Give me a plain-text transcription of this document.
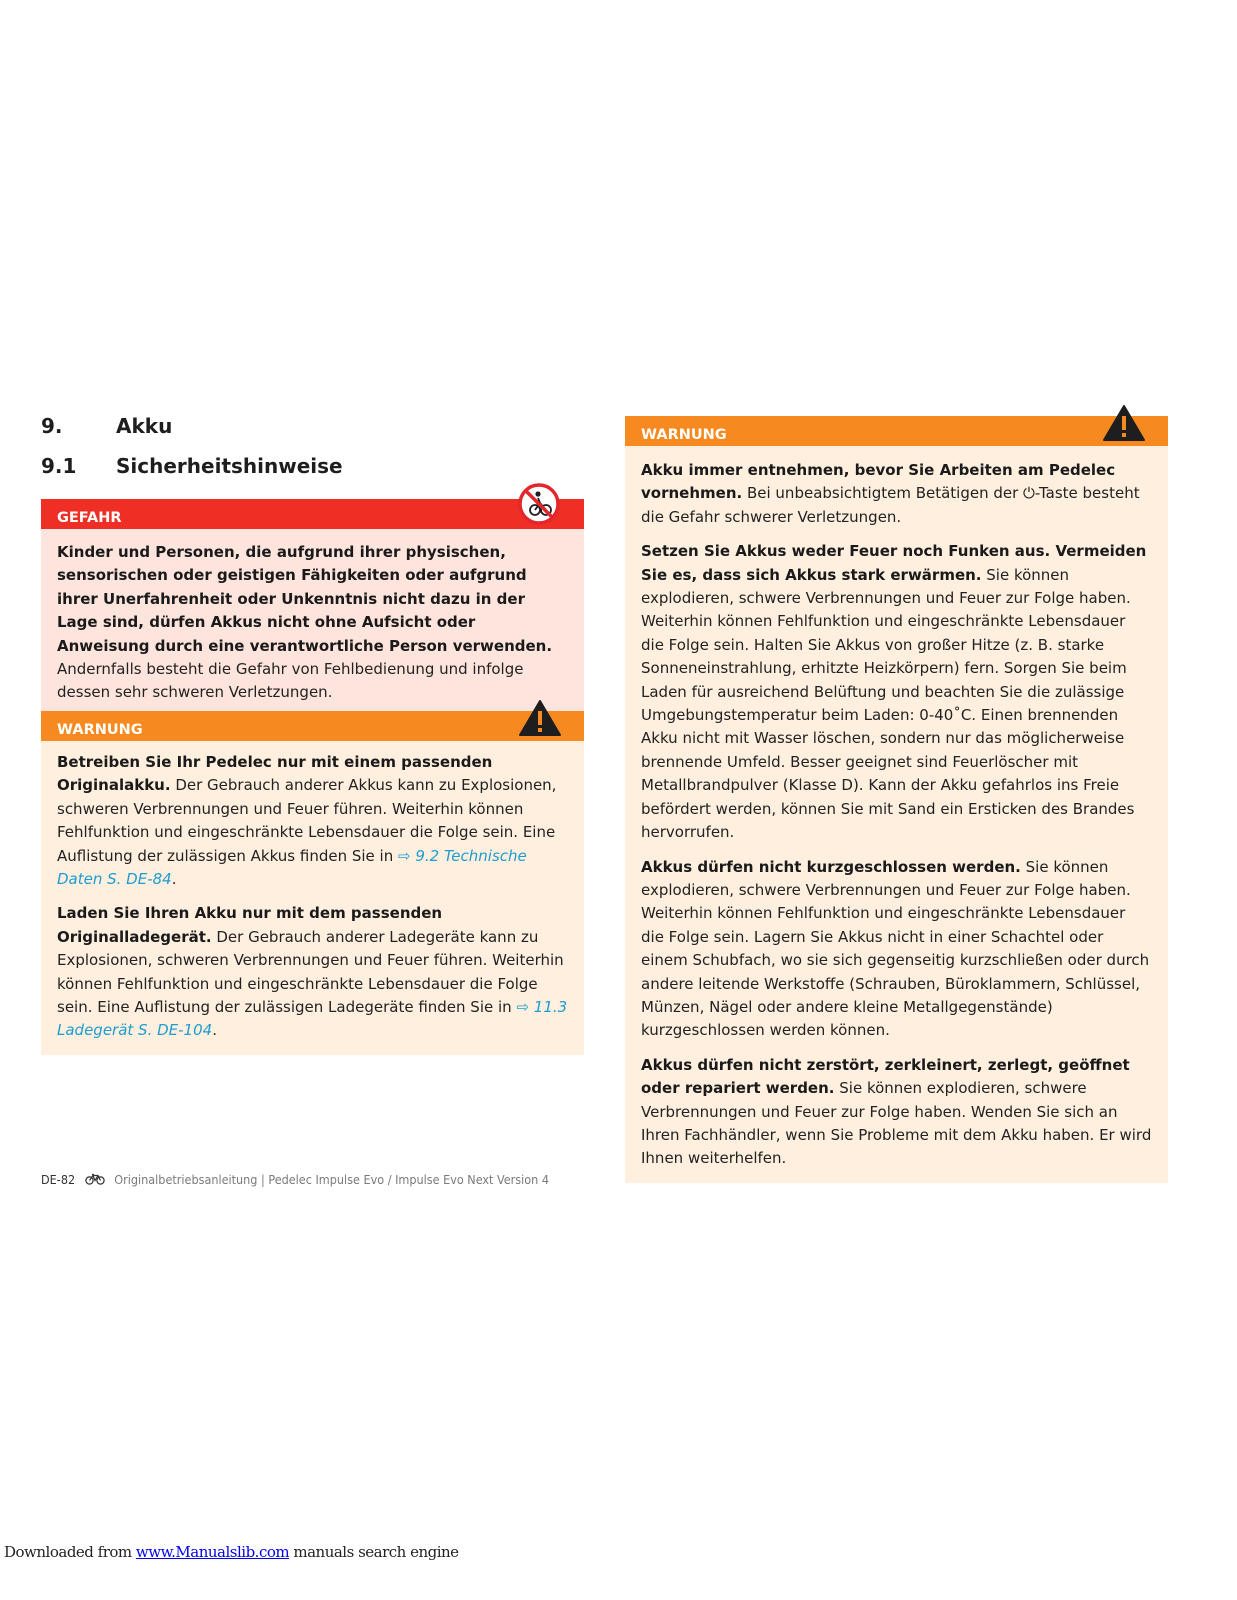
9.	Akku
9.1 Sicherheitshinweise
GEFAHR

Kinder und Personen, die aufgrund ihrer physischen, sensorischen oder geistigen Fähigkeiten oder aufgrund ihrer Unerfahrenheit oder Unkenntnis nicht dazu in der Lage sind, dürfen Akkus nicht ohne Aufsicht oder Anweisung durch eine verantwortliche Person verwenden. Andernfalls besteht die Gefahr von Fehlbedienung und infolge dessen sehr schweren Verletzungen.

WARNUNG

Betreiben Sie Ihr Pedelec nur mit einem passenden Originalakku. Der Gebrauch anderer Akkus kann zu Explosionen, schweren Verbrennungen und Feuer führen. Weiterhin können Fehlfunktion und eingeschränkte Lebensdauer die Folge sein. Eine Auflistung der zulässigen Akkus finden Sie in ⇨ 9.2 Technische Daten S. DE-84.

Laden Sie Ihren Akku nur mit dem passenden Originalladegerät. Der Gebrauch anderer Ladegeräte kann zu Explosionen, schweren Verbrennungen und Feuer führen. Weiterhin können Fehlfunktion und eingeschränkte Lebensdauer die Folge sein. Eine Auflistung der zulässigen Ladegeräte finden Sie in ⇨ 11.3 Ladegerät S. DE-104.

WARNUNG

Akku immer entnehmen, bevor Sie Arbeiten am Pedelec vornehmen. Bei unbeabsichtigtem Betätigen der ⏻-Taste besteht die Gefahr schwerer Verletzungen.

Setzen Sie Akkus weder Feuer noch Funken aus. Vermeiden Sie es, dass sich Akkus stark erwärmen. Sie können explodieren, schwere Verbrennungen und Feuer zur Folge haben. Weiterhin können Fehlfunktion und eingeschränkte Lebensdauer die Folge sein. Halten Sie Akkus von großer Hitze (z. B. starke Sonneneinstrahlung, erhitzte Heizkörpern) fern. Sorgen Sie beim Laden für ausreichend Belüftung und beachten Sie die zulässige Umgebungstemperatur beim Laden: 0-40˚C. Einen brennenden Akku nicht mit Wasser löschen, sondern nur das möglicherweise brennende Umfeld. Besser geeignet sind Feuerlöscher mit Metallbrandpulver (Klasse D). Kann der Akku gefahrlos ins Freie befördert werden, können Sie mit Sand ein Ersticken des Brandes hervorrufen.

Akkus dürfen nicht kurzgeschlossen werden. Sie können explodieren, schwere Verbrennungen und Feuer zur Folge haben. Weiterhin können Fehlfunktion und eingeschränkte Lebensdauer die Folge sein. Lagern Sie Akkus nicht in einer Schachtel oder einem Schubfach, wo sie sich gegenseitig kurzschließen oder durch andere leitende Werkstoffe (Schrauben, Büroklammern, Schlüssel, Münzen, Nägel oder andere kleine Metallgegenstände) kurzgeschlossen werden können.

Akkus dürfen nicht zerstört, zerkleinert, zerlegt, geöffnet oder repariert werden. Sie können explodieren, schwere Verbrennungen und Feuer zur Folge haben. Wenden Sie sich an Ihren Fachhändler, wenn Sie Probleme mit dem Akku haben. Er wird Ihnen weiterhelfen.

DE-82	Originalbetriebsanleitung | Pedelec Impulse Evo / Impulse Evo Next Version 4
Downloaded from www.Manualslib.com manuals search engine
